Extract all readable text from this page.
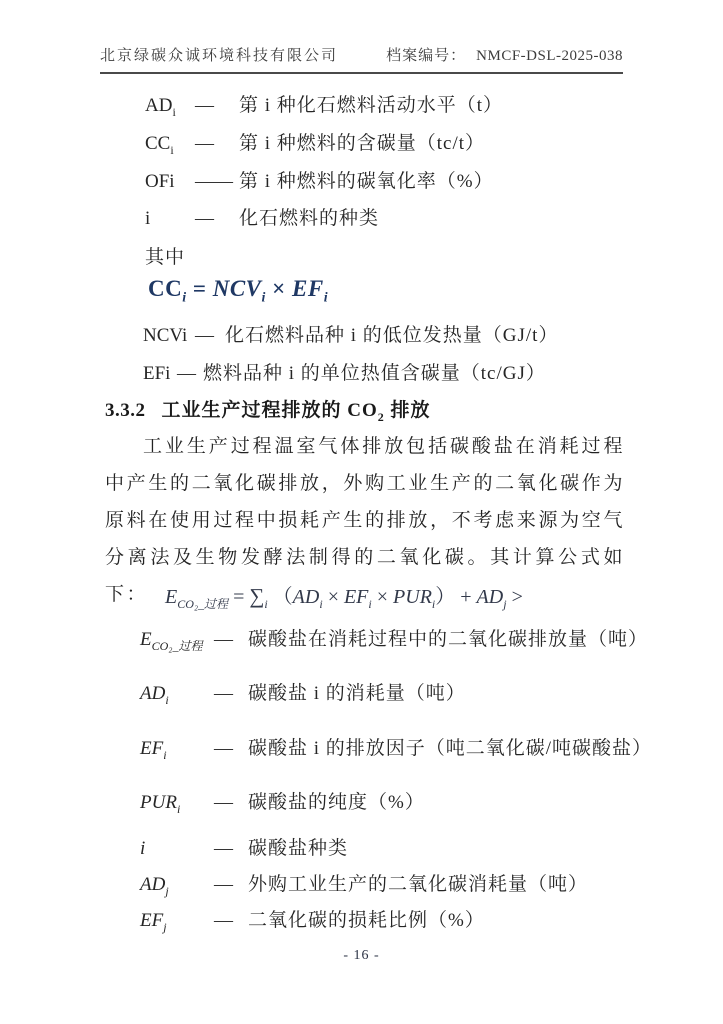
北京绿碳众诚环境科技有限公司	档案编号： NMCF-DSL-2025-038
$AD_i$	—	第 i 种化石燃料活动水平（t）
$CC_i$	—	第 i 种燃料的含碳量（tc/t）
OFi	—— 第 i 种燃料的碳氧化率（%）
i	—	化石燃料的种类
其中
$CC_i = NCV_i \times EF_i$
NCVi — 化石燃料品种 i 的低位发热量（GJ/t）
EFi — 燃料品种 i 的单位热值含碳量（tc/GJ）
3.3.2 工业生产过程排放的 $CO_2$ 排放
工业生产过程温室气体排放包括碳酸盐在消耗过程中产生的二氧化碳排放，外购工业生产的二氧化碳作为原料在使用过程中损耗产生的排放，不考虑来源为空气分离法及生物发酵法制得的二氧化碳。其计算公式如下： $E_{CO_2\_过程} = \sum_i$ $(AD_i \times EF_i \times PUR_i) + AD_j$ >
$E_{CO_2\_过程}$ — 碳酸盐在消耗过程中的二氧化碳排放量（吨）
$AD_i$	— 碳酸盐 i 的消耗量（吨）
$EF_i$	— 碳酸盐 i 的排放因子（吨二氧化碳/吨碳酸盐）
$PUR_i$	— 碳酸盐的纯度（%）
i	— 碳酸盐种类
$AD_j$	— 外购工业生产的二氧化碳消耗量（吨）
$EF_j$	— 二氧化碳的损耗比例（%）
- 16 -
